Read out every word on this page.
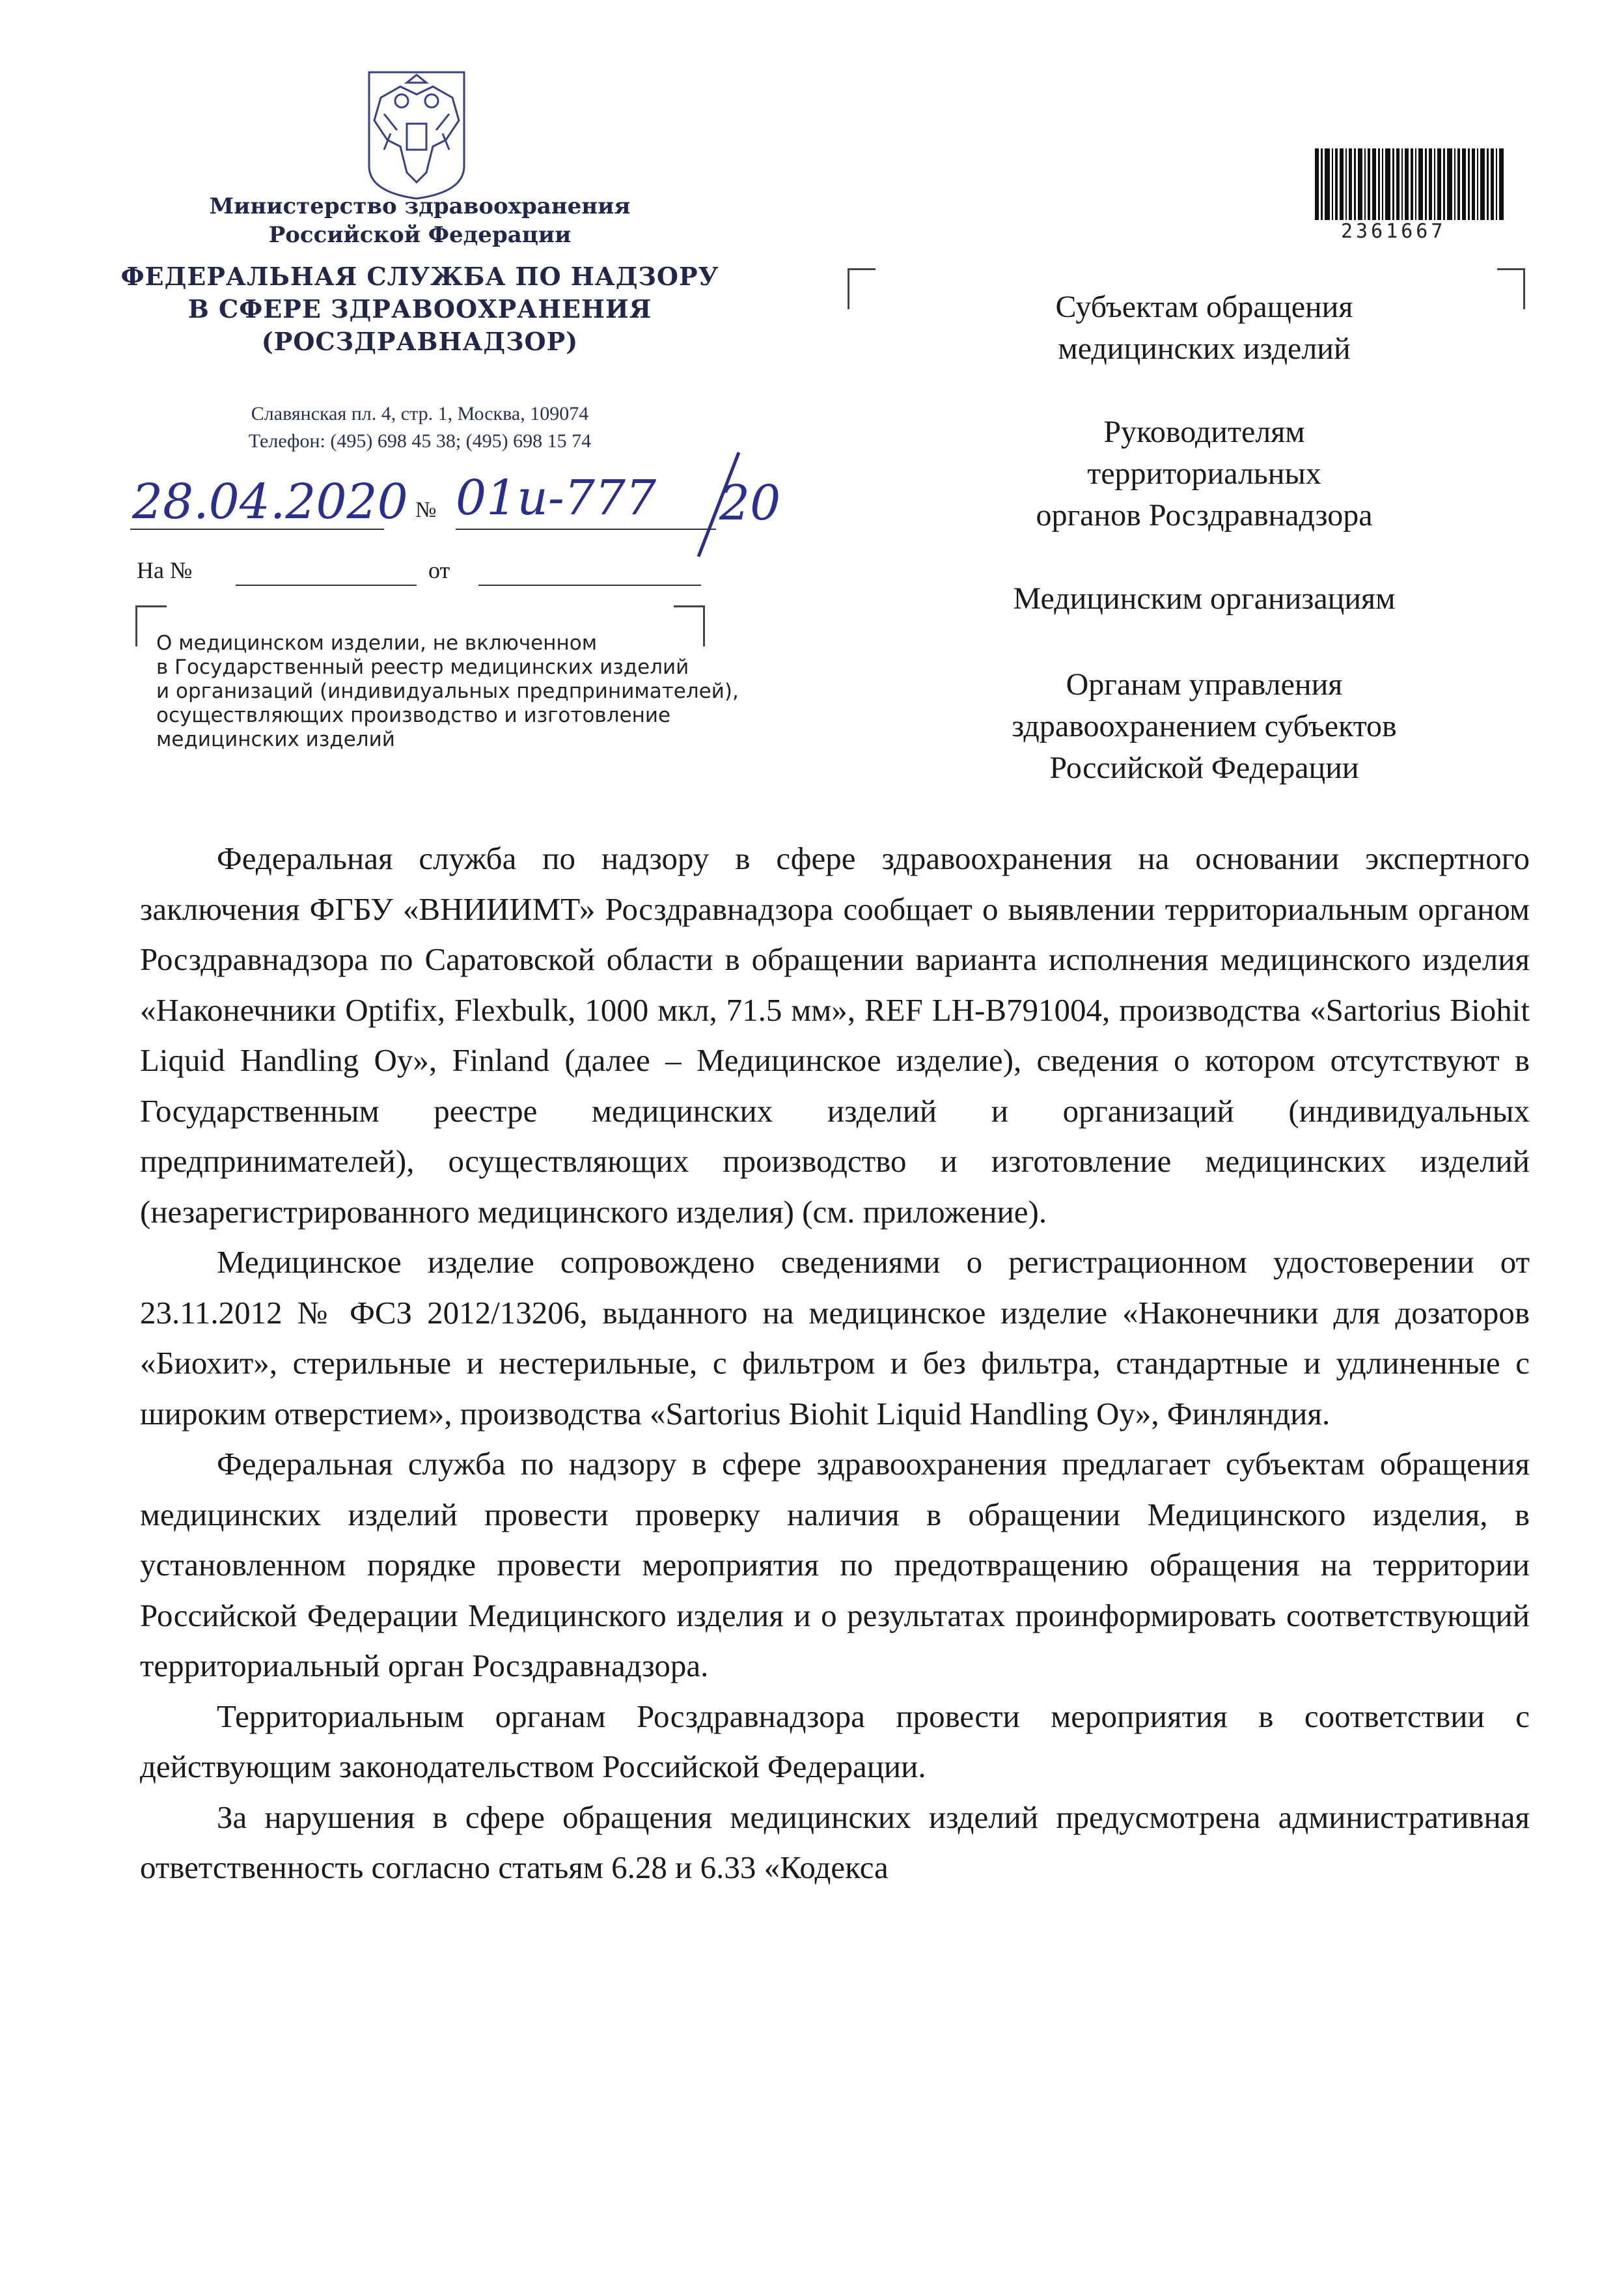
Министерство здравоохранения
Российской Федерации
ФЕДЕРАЛЬНАЯ СЛУЖБА ПО НАДЗОРУ
В СФЕРЕ ЗДРАВООХРАНЕНИЯ
(РОСЗДРАВНАДЗОР)
Славянская пл. 4, стр. 1, Москва, 109074
Телефон: (495) 698 45 38; (495) 698 15 74
28.04.2020 № 01и-777 20
На №	от
О медицинском изделии, не включенном
в Государственный реестр медицинских изделий
и организаций (индивидуальных предпринимателей),
осуществляющих производство и изготовление
медицинских изделий
2361667
Субъектам обращения
медицинских изделий
Руководителям
территориальных
органов Росздравнадзора
Медицинским организациям
Органам управления
здравоохранением субъектов
Российской Федерации

Федеральная служба по надзору в сфере здравоохранения на основании экспертного заключения ФГБУ «ВНИИИМТ» Росздравнадзора сообщает о выявлении территориальным органом Росздравнадзора по Саратовской области в обращении варианта исполнения медицинского изделия «Наконечники Optifix, Flexbulk, 1000 мкл, 71.5 мм», REF LH-B791004, производства «Sartorius Biohit Liquid Handling Oy», Finland (далее – Медицинское изделие), сведения о котором отсутствуют в Государственным реестре медицинских изделий и организаций (индивидуальных предпринимателей), осуществляющих производство и изготовление медицинских изделий (незарегистрированного медицинского изделия) (см. приложение).

Медицинское изделие сопровождено сведениями о регистрационном удостоверении от 23.11.2012 № ФСЗ 2012/13206, выданного на медицинское изделие «Наконечники для дозаторов «Биохит», стерильные и нестерильные, с фильтром и без фильтра, стандартные и удлиненные с широким отверстием», производства «Sartorius Biohit Liquid Handling Oy», Финляндия.

Федеральная служба по надзору в сфере здравоохранения предлагает субъектам обращения медицинских изделий провести проверку наличия в обращении Медицинского изделия, в установленном порядке провести мероприятия по предотвращению обращения на территории Российской Федерации Медицинского изделия и о результатах проинформировать соответствующий территориальный орган Росздравнадзора.

Территориальным органам Росздравнадзора провести мероприятия в соответствии с действующим законодательством Российской Федерации.

За нарушения в сфере обращения медицинских изделий предусмотрена административная ответственность согласно статьям 6.28 и 6.33 «Кодекса
